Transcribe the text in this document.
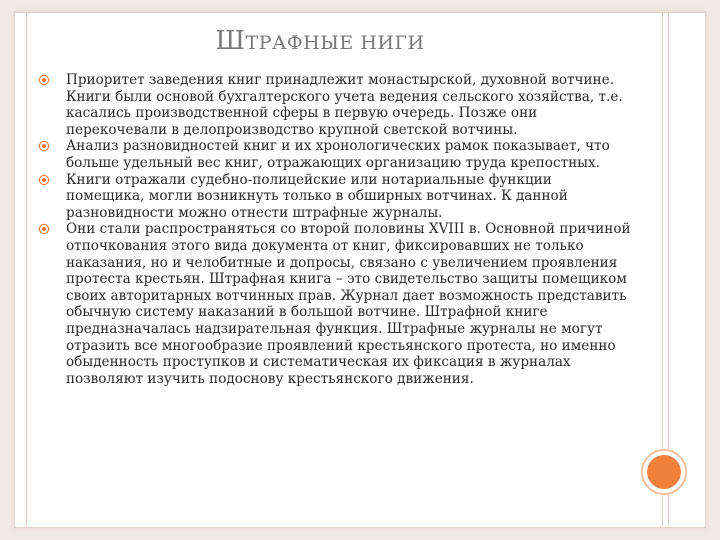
ШТРАФНЫЕ НИГИ
Приоритет заведения книг принадлежит монастырской, духовной вотчине. Книги были основой бухгалтерского учета ведения сельского хозяйства, т.е. касались производственной сферы в первую очередь. Позже они перекочевали в делопроизводство крупной светской вотчины.
Анализ разновидностей книг и их хронологических рамок показывает, что больше удельный вес книг, отражающих организацию труда крепостных.
Книги отражали судебно-полицейские или нотариальные функции помещика, могли возникнуть только в обширных вотчинах. К данной разновидности можно отнести штрафные журналы.
Они стали распространяться со второй половины XVIII в. Основной причиной отпочкования этого вида документа от книг, фиксировавших не только наказания, но и челобитные и допросы, связано с увеличением проявления протеста крестьян. Штрафная книга – это свидетельство защиты помещиком своих авторитарных вотчинных прав. Журнал дает возможность представить обычную систему наказаний в большой вотчине. Штрафной книге предназначалась надзирательная функция. Штрафные журналы не могут отразить все многообразие проявлений крестьянского протеста, но именно обыденность проступков и систематическая их фиксация в журналах позволяют изучить подоснову крестьянского движения.
